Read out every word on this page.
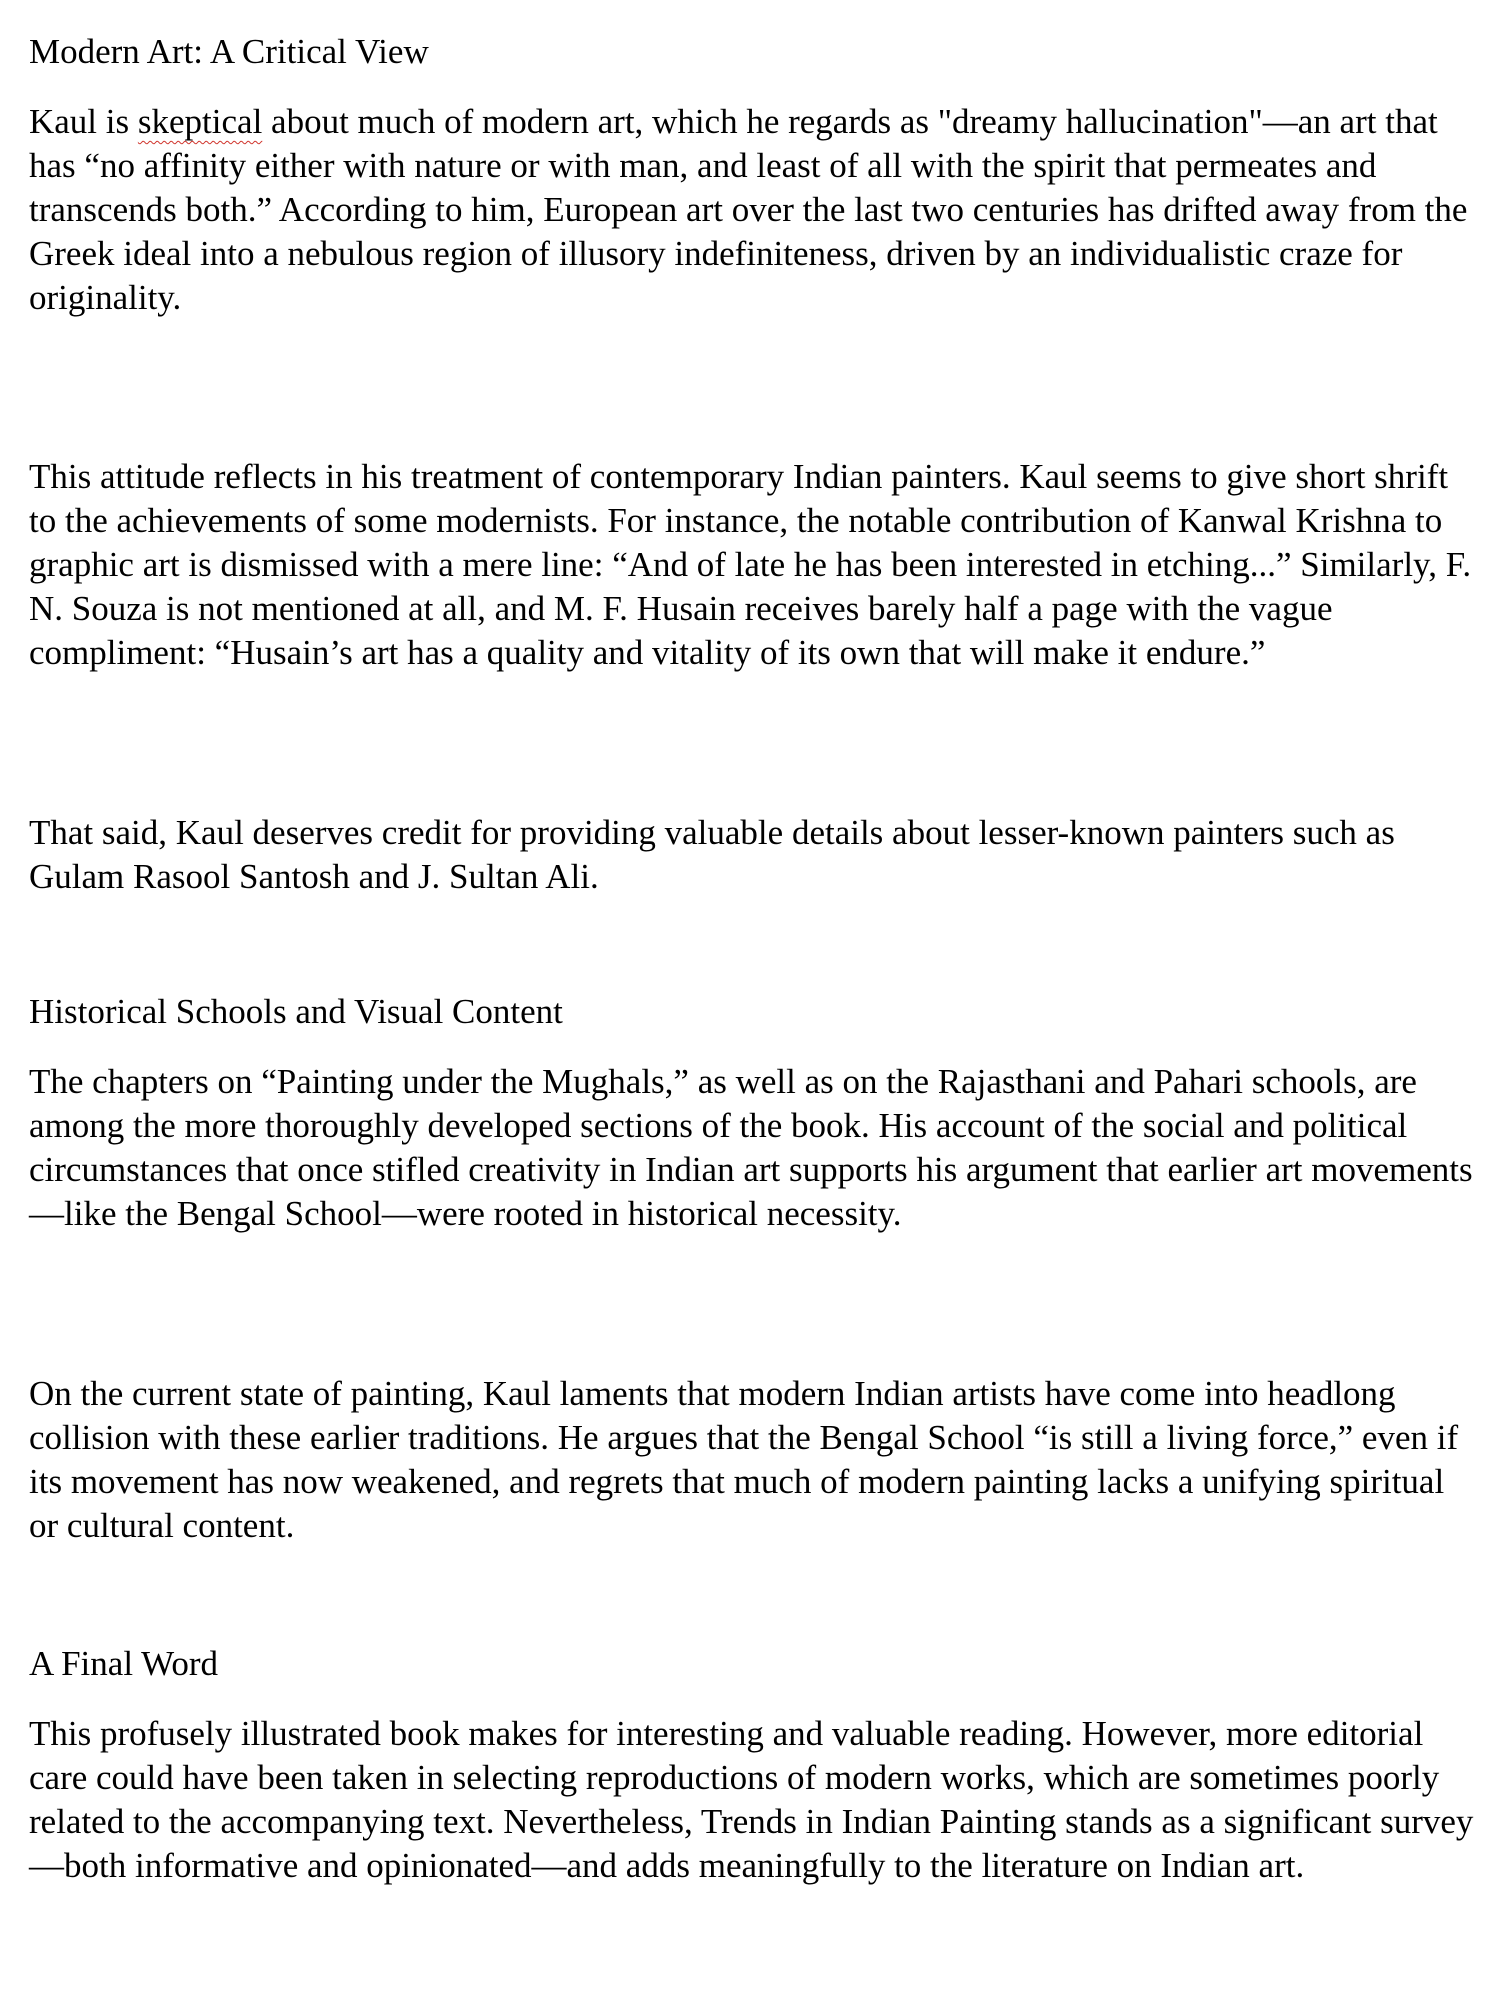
Modern Art: A Critical View

Kaul is skeptical about much of modern art, which he regards as "dreamy hallucination"—an art that has “no affinity either with nature or with man, and least of all with the spirit that permeates and transcends both.” According to him, European art over the last two centuries has drifted away from the Greek ideal into a nebulous region of illusory indefiniteness, driven by an individualistic craze for originality.

This attitude reflects in his treatment of contemporary Indian painters. Kaul seems to give short shrift to the achievements of some modernists. For instance, the notable contribution of Kanwal Krishna to graphic art is dismissed with a mere line: “And of late he has been interested in etching...” Similarly, F. N. Souza is not mentioned at all, and M. F. Husain receives barely half a page with the vague compliment: “Husain’s art has a quality and vitality of its own that will make it endure.”

That said, Kaul deserves credit for providing valuable details about lesser-known painters such as Gulam Rasool Santosh and J. Sultan Ali.

Historical Schools and Visual Content

The chapters on “Painting under the Mughals,” as well as on the Rajasthani and Pahari schools, are among the more thoroughly developed sections of the book. His account of the social and political circumstances that once stifled creativity in Indian art supports his argument that earlier art movements—like the Bengal School—were rooted in historical necessity.

On the current state of painting, Kaul laments that modern Indian artists have come into headlong collision with these earlier traditions. He argues that the Bengal School “is still a living force,” even if its movement has now weakened, and regrets that much of modern painting lacks a unifying spiritual or cultural content.

A Final Word

This profusely illustrated book makes for interesting and valuable reading. However, more editorial care could have been taken in selecting reproductions of modern works, which are sometimes poorly related to the accompanying text. Nevertheless, Trends in Indian Painting stands as a significant survey—both informative and opinionated—and adds meaningfully to the literature on Indian art.
